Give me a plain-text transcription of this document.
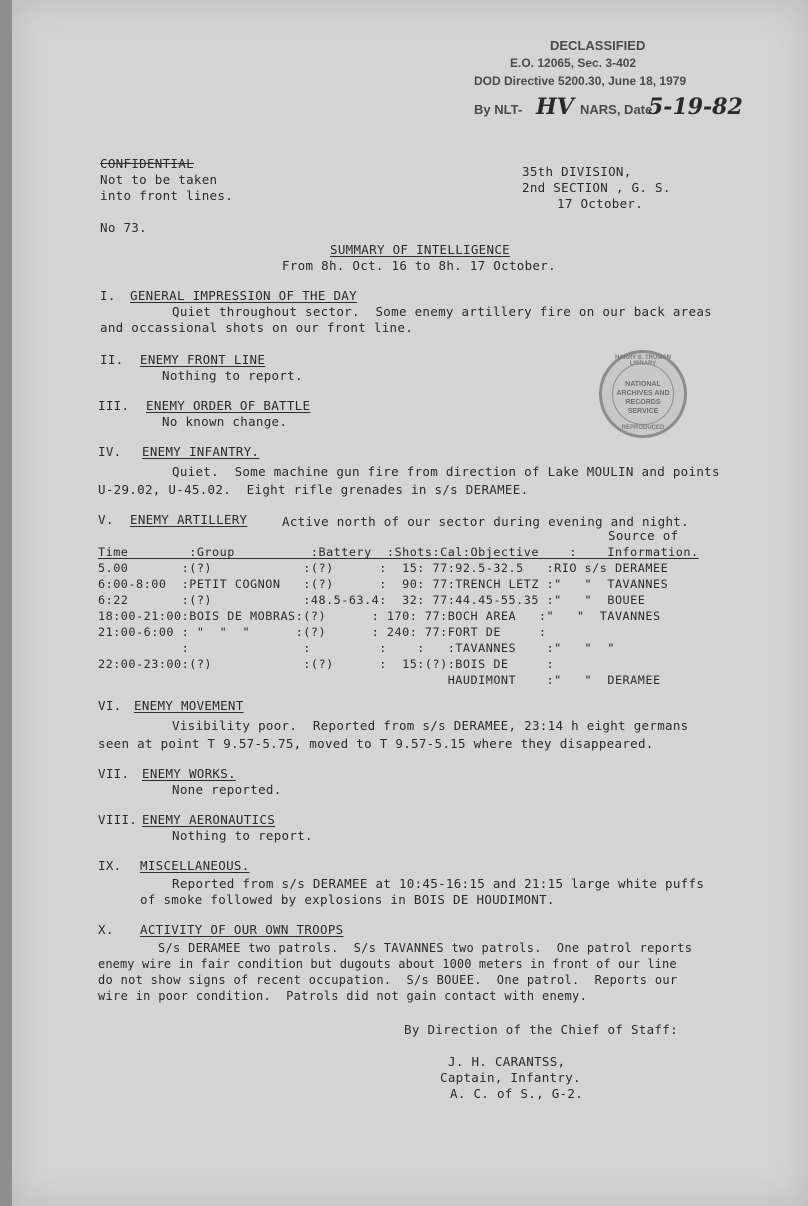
DECLASSIFIED
E.O. 12065, Sec. 3-402
DOD Directive 5200.30, June 18, 1979
By NLT- HV NARS, Date
5-19-82
CONFIDENTIAL
Not to be taken
into front lines.
No 73.
35th DIVISION,
2nd SECTION , G. S.
17 October.
SUMMARY OF INTELLIGENCE
From 8h. Oct. 16 to 8h. 17 October.
I. GENERAL IMPRESSION OF THE DAY
Quiet throughout sector.  Some enemy artillery fire on our back areas
and occassional shots on our front line.
II. ENEMY FRONT LINE
Nothing to report.
III. ENEMY ORDER OF BATTLE
No known change.
HARRY S. TRUMAN LIBRARY
NATIONAL
ARCHIVES AND
RECORDS
SERVICE
REPRODUCED
IV. ENEMY INFANTRY.
Quiet.  Some machine gun fire from direction of Lake MOULIN and points
U-29.02, U-45.02.  Eight rifle grenades in s/s DERAMEE.
V. ENEMY ARTILLERY	Active north of our sector during evening and night.
Source of
Time        :Group          :Battery  :Shots:Cal:Objective    :    Information.
5.00       :(?)            :(?)      :  15: 77:92.5-32.5   :RIO s/s DERAMEE
6:00-8:00  :PETIT COGNON   :(?)      :  90: 77:TRENCH LETZ :"   "  TAVANNES
6:22       :(?)            :48.5-63.4:  32: 77:44.45-55.35 :"   "  BOUEE
18:00-21:00:BOIS DE MOBRAS:(?)      : 170: 77:BOCH AREA   :"   "  TAVANNES
21:00-6:00 : "  "  "      :(?)      : 240: 77:FORT DE     :
:               :         :    :   :TAVANNES    :"   "  "
22:00-23:00:(?)            :(?)      :  15:(?):BOIS DE     :
HAUDIMONT    :"   "  DERAMEE
VI. ENEMY MOVEMENT
Visibility poor.  Reported from s/s DERAMEE, 23:14 h eight germans
seen at point T 9.57-5.75, moved to T 9.57-5.15 where they disappeared.
VII. ENEMY WORKS.
None reported.
VIII. ENEMY AERONAUTICS
Nothing to report.
IX. MISCELLANEOUS.
Reported from s/s DERAMEE at 10:45-16:15 and 21:15 large white puffs
of smoke followed by explosions in BOIS DE HOUDIMONT.
X. ACTIVITY OF OUR OWN TROOPS
S/s DERAMEE two patrols.  S/s TAVANNES two patrols.  One patrol reports
enemy wire in fair condition but dugouts about 1000 meters in front of our line
do not show signs of recent occupation.  S/s BOUEE.  One patrol.  Reports our
wire in poor condition.  Patrols did not gain contact with enemy.
By Direction of the Chief of Staff:
J. H. CARANTSS,
Captain, Infantry.
A. C. of S., G-2.
